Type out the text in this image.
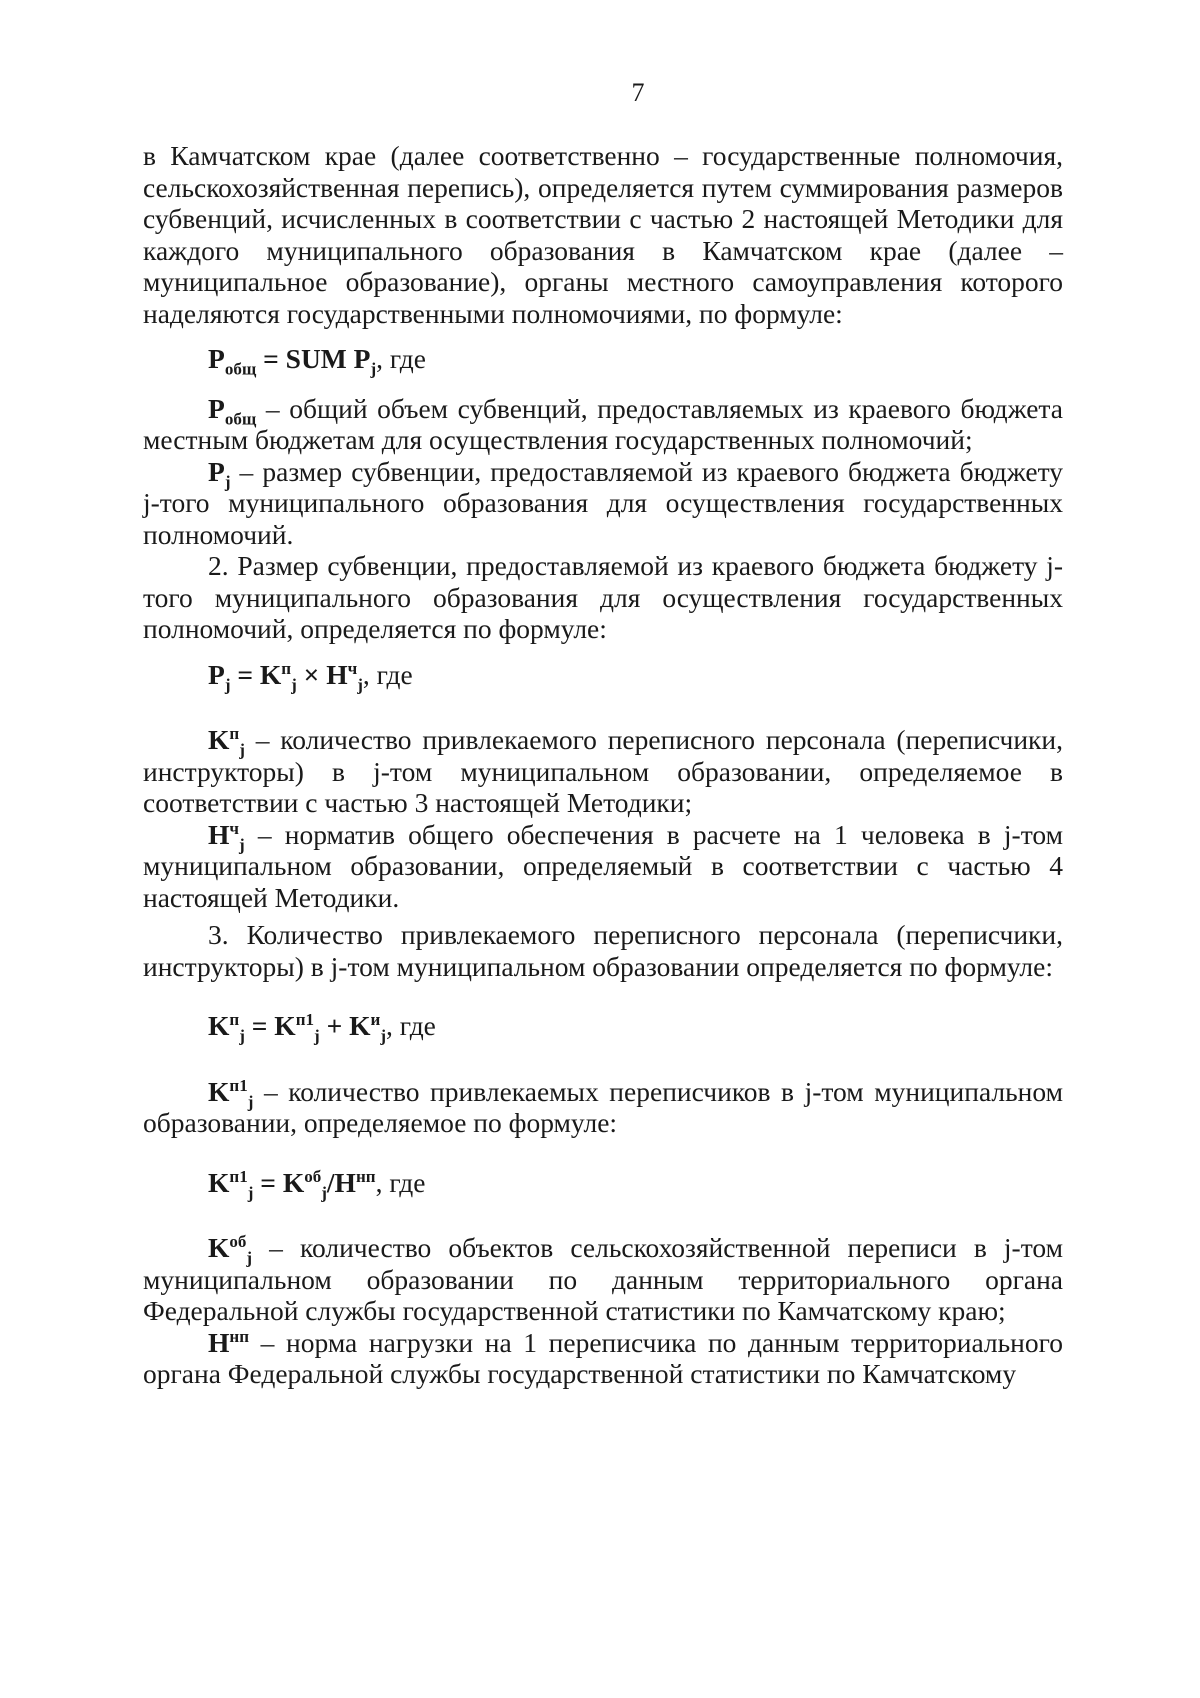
7

в Камчатском крае (далее соответственно – государственные полномочия, сельскохозяйственная перепись), определяется путем суммирования размеров субвенций, исчисленных в соответствии с частью 2 настоящей Методики для каждого муниципального образования в Камчатском крае (далее – муниципальное образование), органы местного самоуправления которого наделяются государственными полномочиями, по формуле:

$P_{общ}$ = SUM $P_j$, где

$P_{общ}$ – общий объем субвенций, предоставляемых из краевого бюджета местным бюджетам для осуществления государственных полномочий;

$P_j$ – размер субвенции, предоставляемой из краевого бюджета бюджету j-того муниципального образования для осуществления государственных полномочий.

2. Размер субвенции, предоставляемой из краевого бюджета бюджету j-того муниципального образования для осуществления государственных полномочий, определяется по формуле:

$P_j = K^п_j \times H^ч_j$, где

$K^п_j$ – количество привлекаемого переписного персонала (переписчики, инструкторы) в j-том муниципальном образовании, определяемое в соответствии с частью 3 настоящей Методики;

$H^ч_j$ – норматив общего обеспечения в расчете на 1 человека в j-том муниципальном образовании, определяемый в соответствии с частью 4 настоящей Методики.

3. Количество привлекаемого переписного персонала (переписчики, инструкторы) в j-том муниципальном образовании определяется по формуле:

$K^п_j = K^{п1}_j + K^и_j$, где

$K^{п1}_j$ – количество привлекаемых переписчиков в j-том муниципальном образовании, определяемое по формуле:

$K^{п1}_j = K^{об}_j/H^{нп}$, где

$K^{об}_j$ – количество объектов сельскохозяйственной переписи в j-том муниципальном образовании по данным территориального органа Федеральной службы государственной статистики по Камчатскому краю;

$H^{нп}$ – норма нагрузки на 1 переписчика по данным территориального органа Федеральной службы государственной статистики по Камчатскому
